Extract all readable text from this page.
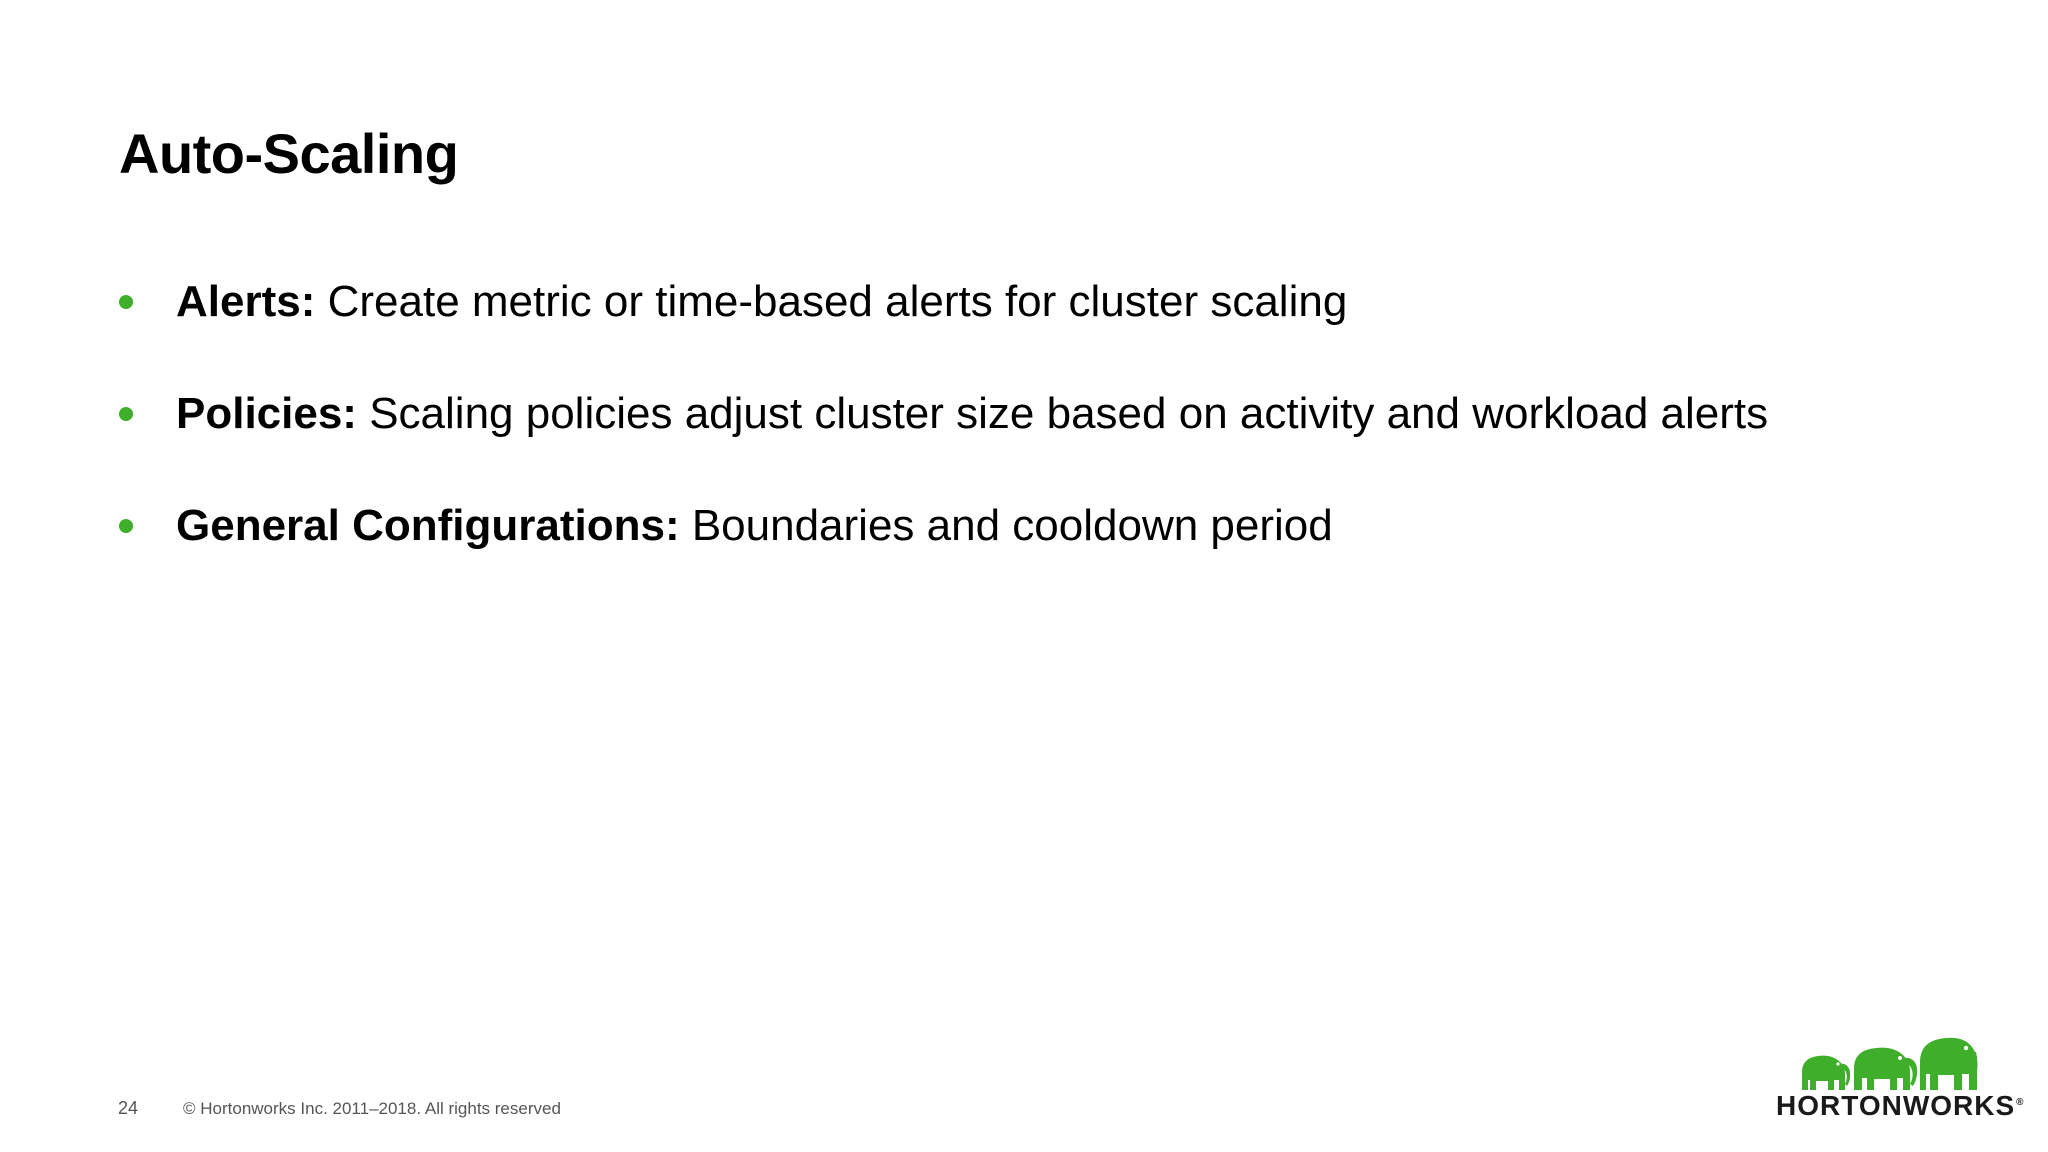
Auto-Scaling
Alerts: Create metric or time-based alerts for cluster scaling
Policies: Scaling policies adjust cluster size based on activity and workload alerts
General Configurations: Boundaries and cooldown period
24	© Hortonworks Inc. 2011–2018. All rights reserved	HORTONWORKS®
